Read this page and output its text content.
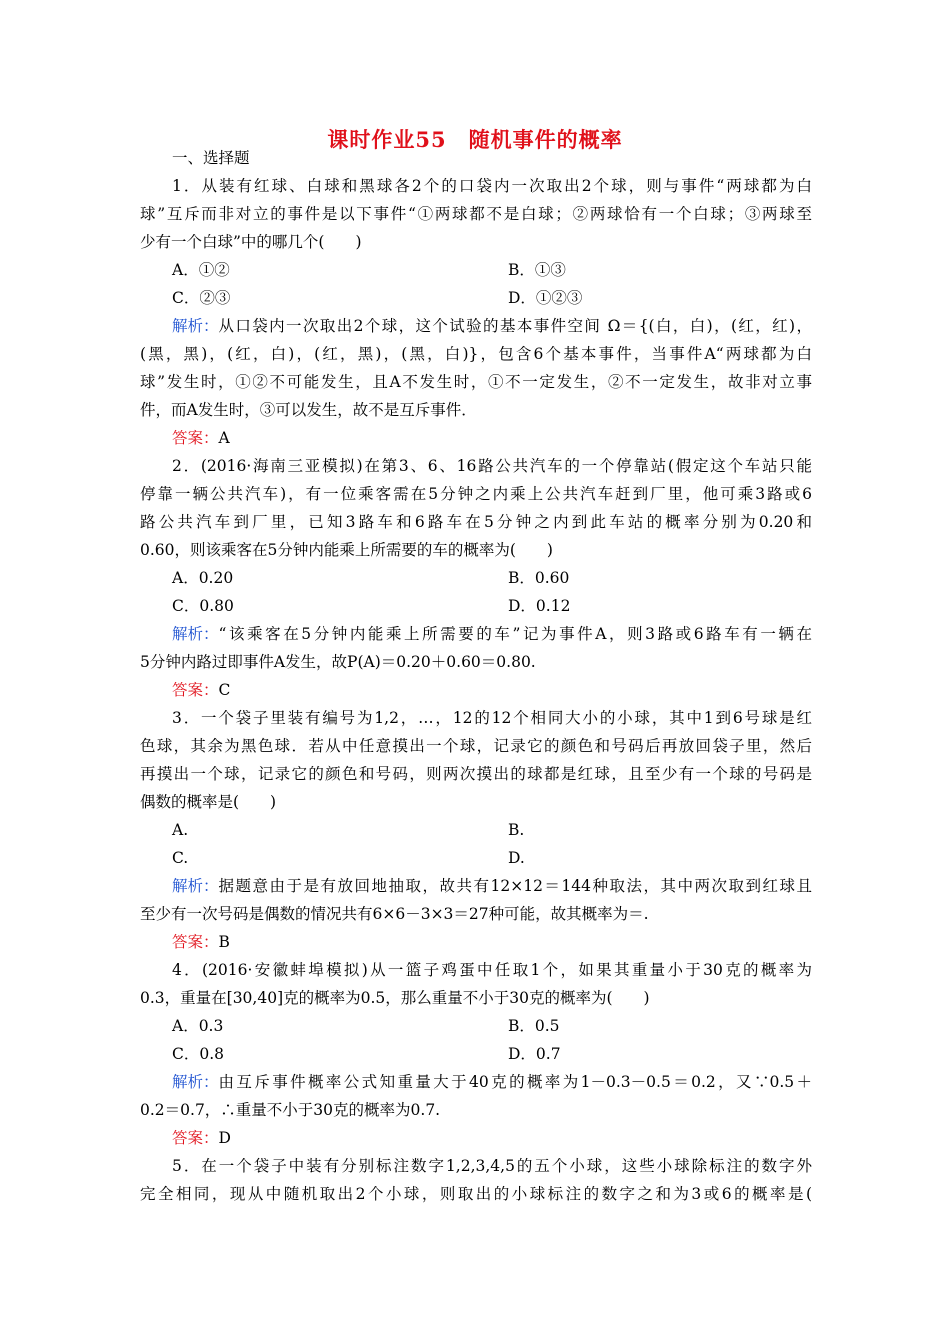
课时作业55　随机事件的概率
一、选择题
1．从装有红球、白球和黑球各2个的口袋内一次取出2个球，则与事件“两球都为白
球”互斥而非对立的事件是以下事件“①两球都不是白球；②两球恰有一个白球；③两球至
少有一个白球”中的哪几个(　　)
A．①②	B．①③
C．②③	D．①②③
解析： 从口袋内一次取出2个球，这个试验的基本事件空间 Ω＝{(白，白)，(红，红)，
(黑，黑)，(红，白)，(红，黑)，(黑，白)}，包含6个基本事件，当事件A“两球都为白
球”发生时，①②不可能发生，且A不发生时，①不一定发生，②不一定发生，故非对立事
件，而A发生时，③可以发生，故不是互斥事件．
答案：A
2．(2016·海南三亚模拟)在第3、6、16路公共汽车的一个停靠站(假定这个车站只能
停靠一辆公共汽车)，有一位乘客需在5分钟之内乘上公共汽车赶到厂里，他可乘3路或6
路公共汽车到厂里，已知3路车和6路车在5分钟之内到此车站的概率分别为0.20和
0.60，则该乘客在5分钟内能乘上所需要的车的概率为(　　)
A．0.20	B．0.60
C．0.80	D．0.12
解析： “该乘客在5分钟内能乘上所需要的车”记为事件A，则3路或6路车有一辆在
5分钟内路过即事件A发生，故P(A)＝0.20＋0.60＝0.80.
答案：C
3．一个袋子里装有编号为1,2，…，12的12个相同大小的小球，其中1到6号球是红
色球，其余为黑色球．若从中任意摸出一个球，记录它的颜色和号码后再放回袋子里，然后
再摸出一个球，记录它的颜色和号码，则两次摸出的球都是红球，且至少有一个球的号码是
偶数的概率是(　　)
A.	B.
C.	D.
解析： 据题意由于是有放回地抽取，故共有12×12＝144种取法，其中两次取到红球且
至少有一次号码是偶数的情况共有6×6－3×3＝27种可能，故其概率为＝.
答案：B
4．(2016·安徽蚌埠模拟)从一篮子鸡蛋中任取1个，如果其重量小于30克的概率为
0.3，重量在[30,40]克的概率为0.5，那么重量不小于30克的概率为(　　)
A．0.3	B．0.5
C．0.8	D．0.7
解析： 由互斥事件概率公式知重量大于40克的概率为1－0.3－0.5＝0.2，又∵0.5＋
0.2＝0.7，∴重量不小于30克的概率为0.7.
答案：D
5．在一个袋子中装有分别标注数字1,2,3,4,5的五个小球，这些小球除标注的数字外
完全相同，现从中随机取出2个小球，则取出的小球标注的数字之和为3或6的概率是(
